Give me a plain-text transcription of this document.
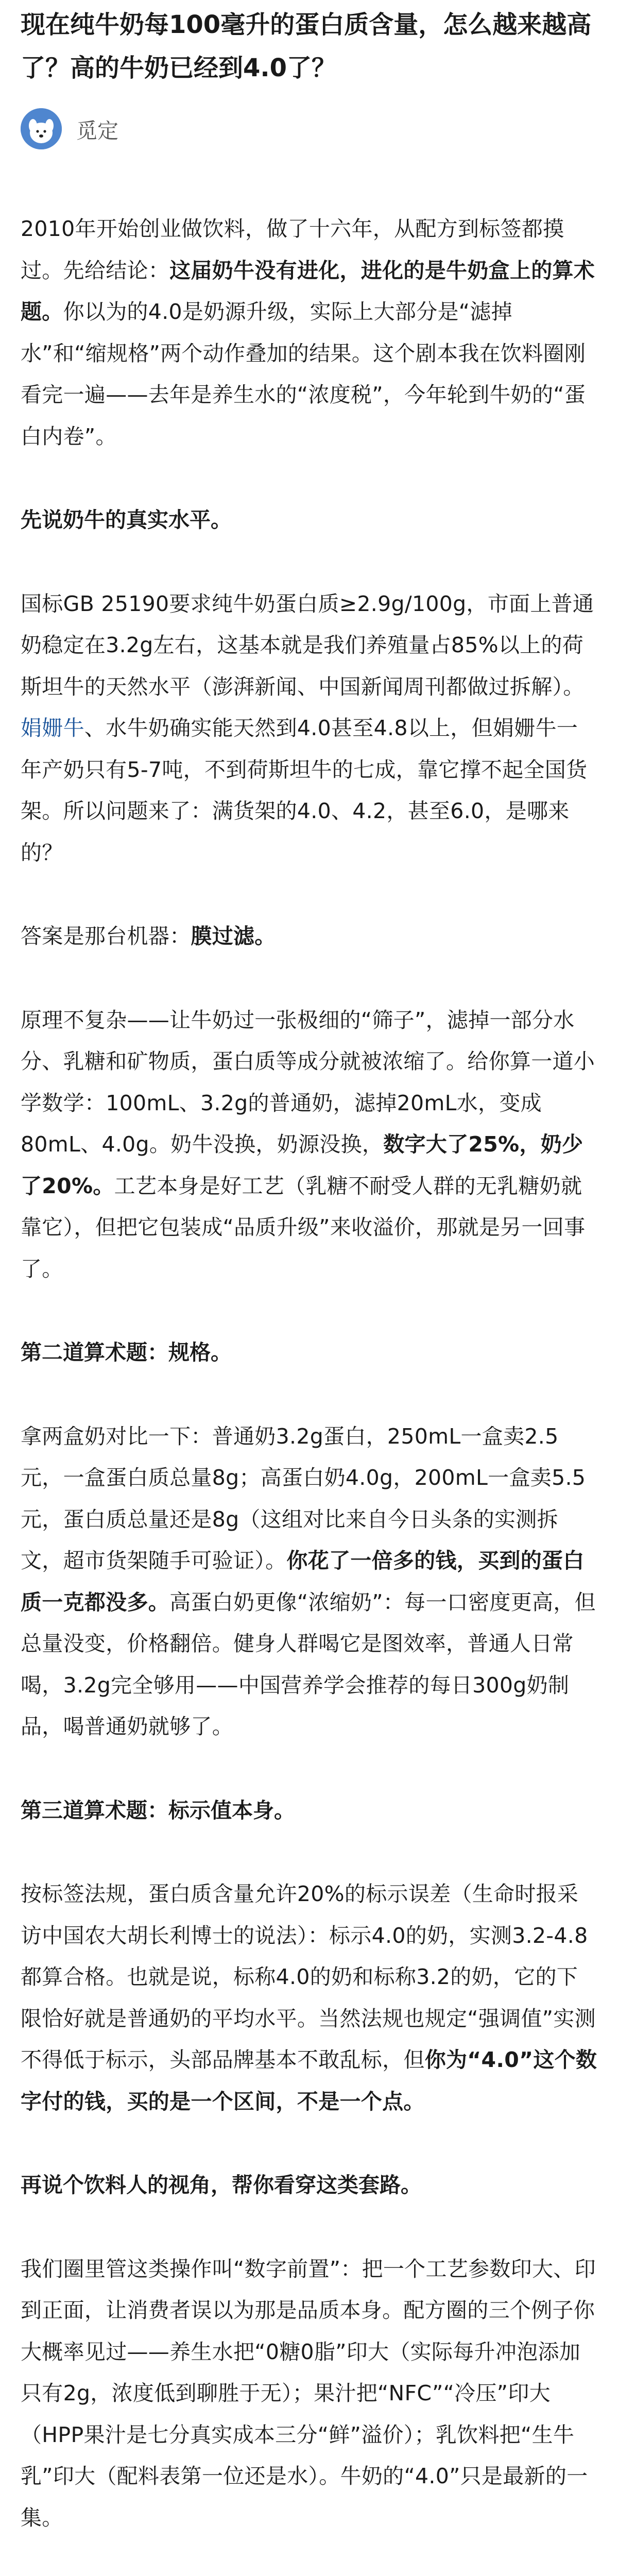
现在纯牛奶每100毫升的蛋白质含量，怎么越来越高了？高的牛奶已经到4.0了？
觅定

2010年开始创业做饮料，做了十六年，从配方到标签都摸过。先给结论：这届奶牛没有进化，进化的是牛奶盒上的算术题。你以为的4.0是奶源升级，实际上大部分是“滤掉水”和“缩规格”两个动作叠加的结果。这个剧本我在饮料圈刚看完一遍——去年是养生水的“浓度税”，今年轮到牛奶的“蛋白内卷”。

先说奶牛的真实水平。

国标GB 25190要求纯牛奶蛋白质≥2.9g/100g，市面上普通奶稳定在3.2g左右，这基本就是我们养殖量占85%以上的荷斯坦牛的天然水平（澎湃新闻、中国新闻周刊都做过拆解）。娟姗牛、水牛奶确实能天然到4.0甚至4.8以上，但娟姗牛一年产奶只有5-7吨，不到荷斯坦牛的七成，靠它撑不起全国货架。所以问题来了：满货架的4.0、4.2，甚至6.0，是哪来的？

答案是那台机器：膜过滤。

原理不复杂——让牛奶过一张极细的“筛子”，滤掉一部分水分、乳糖和矿物质，蛋白质等成分就被浓缩了。给你算一道小学数学：100mL、3.2g的普通奶，滤掉20mL水，变成80mL、4.0g。奶牛没换，奶源没换，数字大了25%，奶少了20%。工艺本身是好工艺（乳糖不耐受人群的无乳糖奶就靠它），但把它包装成“品质升级”来收溢价，那就是另一回事了。

第二道算术题：规格。

拿两盒奶对比一下：普通奶3.2g蛋白，250mL一盒卖2.5元，一盒蛋白质总量8g；高蛋白奶4.0g，200mL一盒卖5.5元，蛋白质总量还是8g（这组对比来自今日头条的实测拆文，超市货架随手可验证）。你花了一倍多的钱，买到的蛋白质一克都没多。高蛋白奶更像“浓缩奶”：每一口密度更高，但总量没变，价格翻倍。健身人群喝它是图效率，普通人日常喝，3.2g完全够用——中国营养学会推荐的每日300g奶制品，喝普通奶就够了。

第三道算术题：标示值本身。

按标签法规，蛋白质含量允许20%的标示误差（生命时报采访中国农大胡长利博士的说法）：标示4.0的奶，实测3.2-4.8都算合格。也就是说，标称4.0的奶和标称3.2的奶，它的下限恰好就是普通奶的平均水平。当然法规也规定“强调值”实测不得低于标示，头部品牌基本不敢乱标，但你为“4.0”这个数字付的钱，买的是一个区间，不是一个点。

再说个饮料人的视角，帮你看穿这类套路。

我们圈里管这类操作叫“数字前置”：把一个工艺参数印大、印到正面，让消费者误以为那是品质本身。配方圈的三个例子你大概率见过——养生水把“0糖0脂”印大（实际每升冲泡添加只有2g，浓度低到聊胜于无）；果汁把“NFC”“冷压”印大（HPP果汁是七分真实成本三分“鲜”溢价）；乳饮料把“生牛乳”印大（配料表第一位还是水）。牛奶的“4.0”只是最新的一集。
